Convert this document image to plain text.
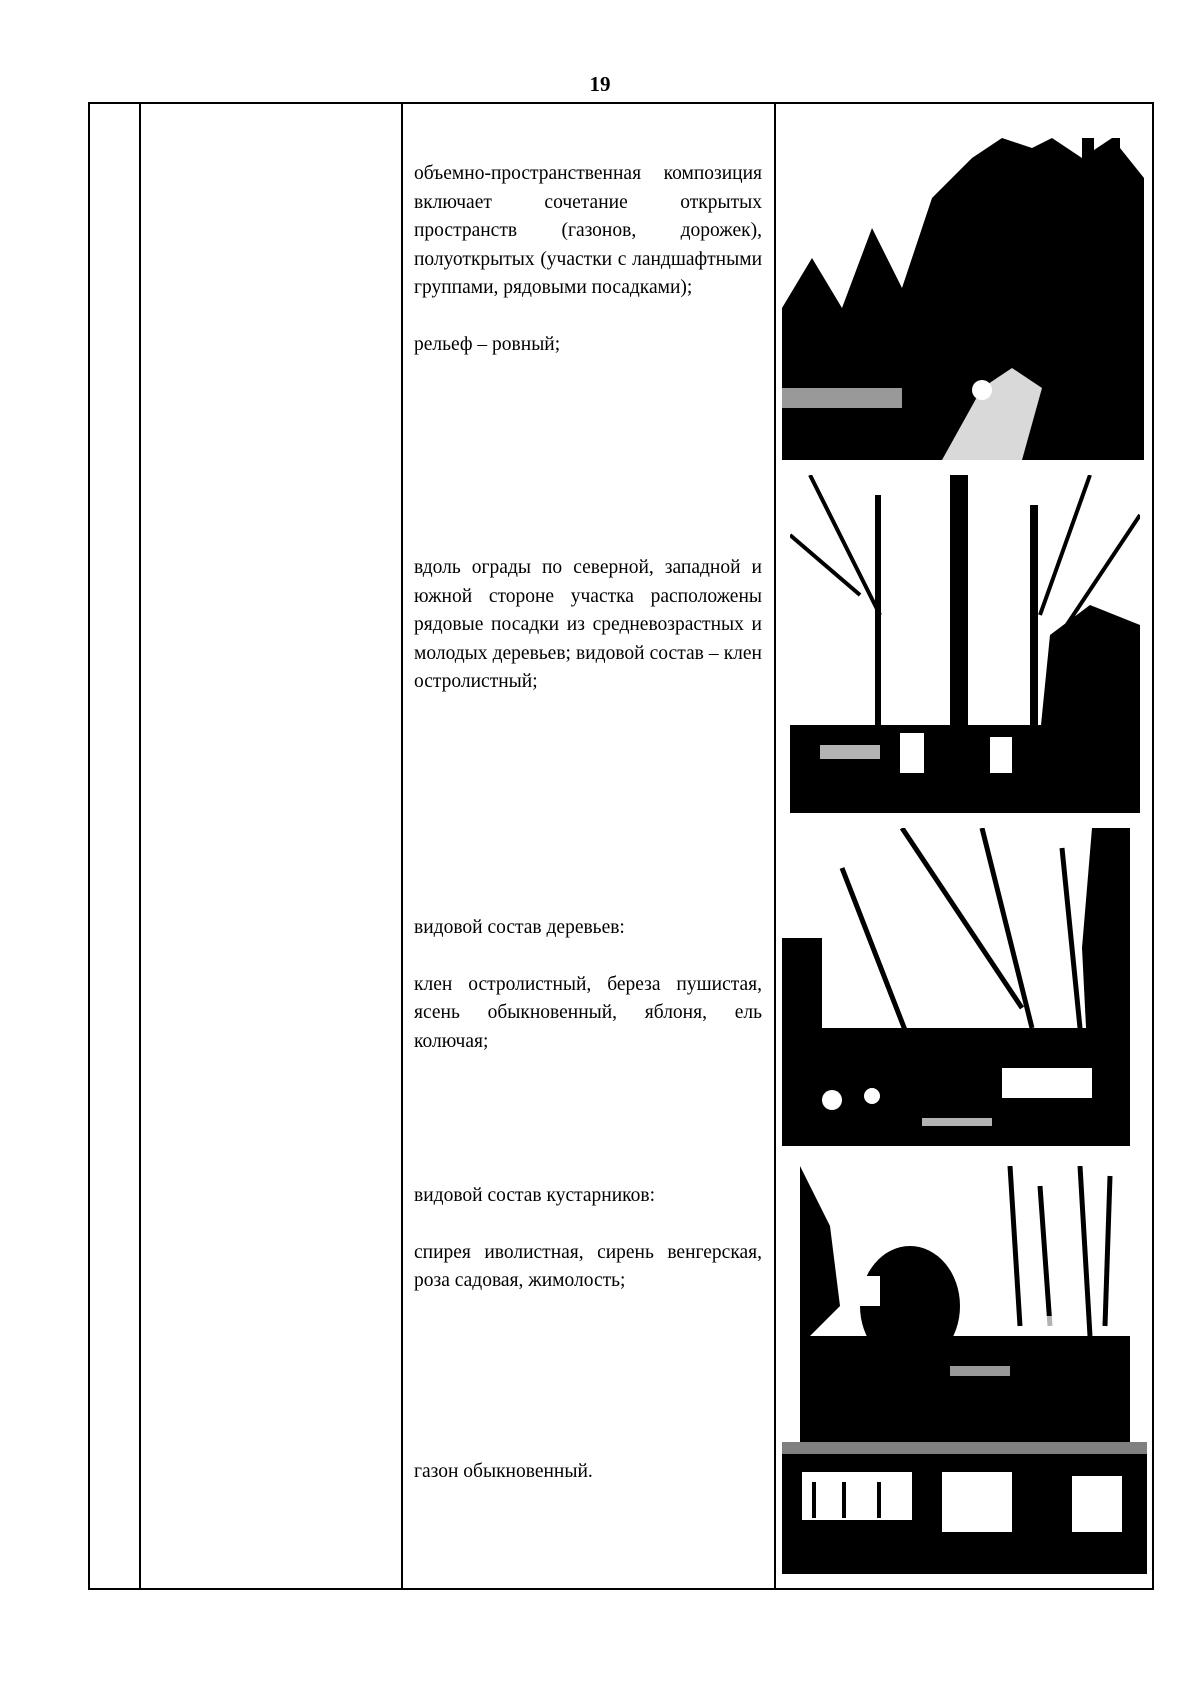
19

объемно-пространственная композиция включает сочетание открытых пространств (газонов, дорожек), полуоткрытых (участки с ландшафтными группами, рядовыми посадками);

рельеф – ровный;

вдоль ограды по северной, западной и южной стороне участка расположены рядовые посадки из средневозрастных и молодых деревьев; видовой состав – клен остролистный;

видовой состав деревьев:

клен остролистный, береза пушистая, ясень обыкновенный, яблоня, ель колючая;

видовой состав кустарников:

спирея иволистная, сирень венгерская, роза садовая, жимолость;

газон обыкновенный.
